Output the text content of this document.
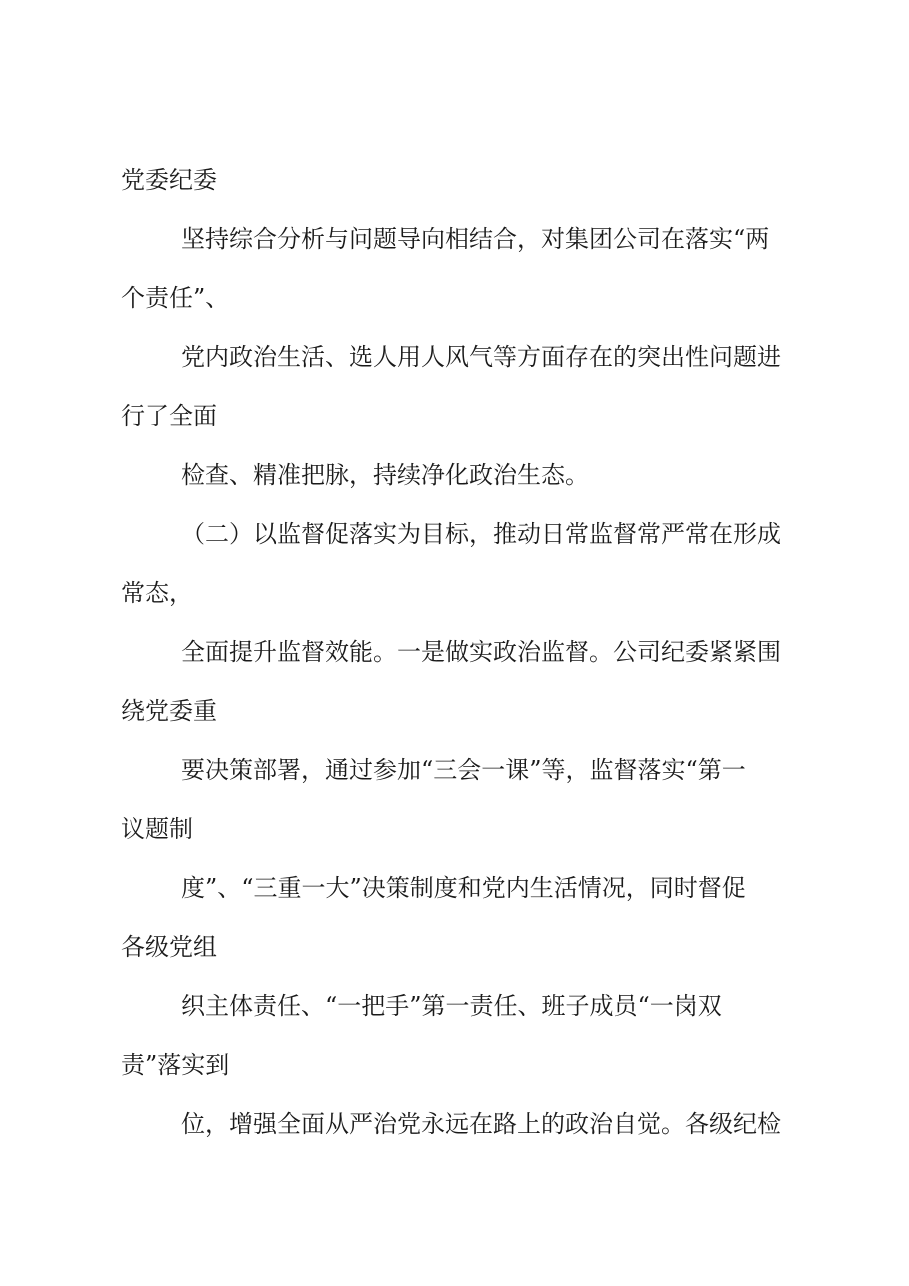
党委纪委
坚持综合分析与问题导向相结合，对集团公司在落实“两
个责任”、
党内政治生活、选人用人风气等方面存在的突出性问题进
行了全面
检查、精准把脉，持续净化政治生态。
（二）以监督促落实为目标，推动日常监督常严常在形成
常态，
全面提升监督效能。一是做实政治监督。公司纪委紧紧围
绕党委重
要决策部署，通过参加“三会一课”等，监督落实“第一
议题制
度”、“三重一大”决策制度和党内生活情况，同时督促
各级党组
织主体责任、“一把手”第一责任、班子成员“一岗双
责”落实到
位，增强全面从严治党永远在路上的政治自觉。各级纪检
